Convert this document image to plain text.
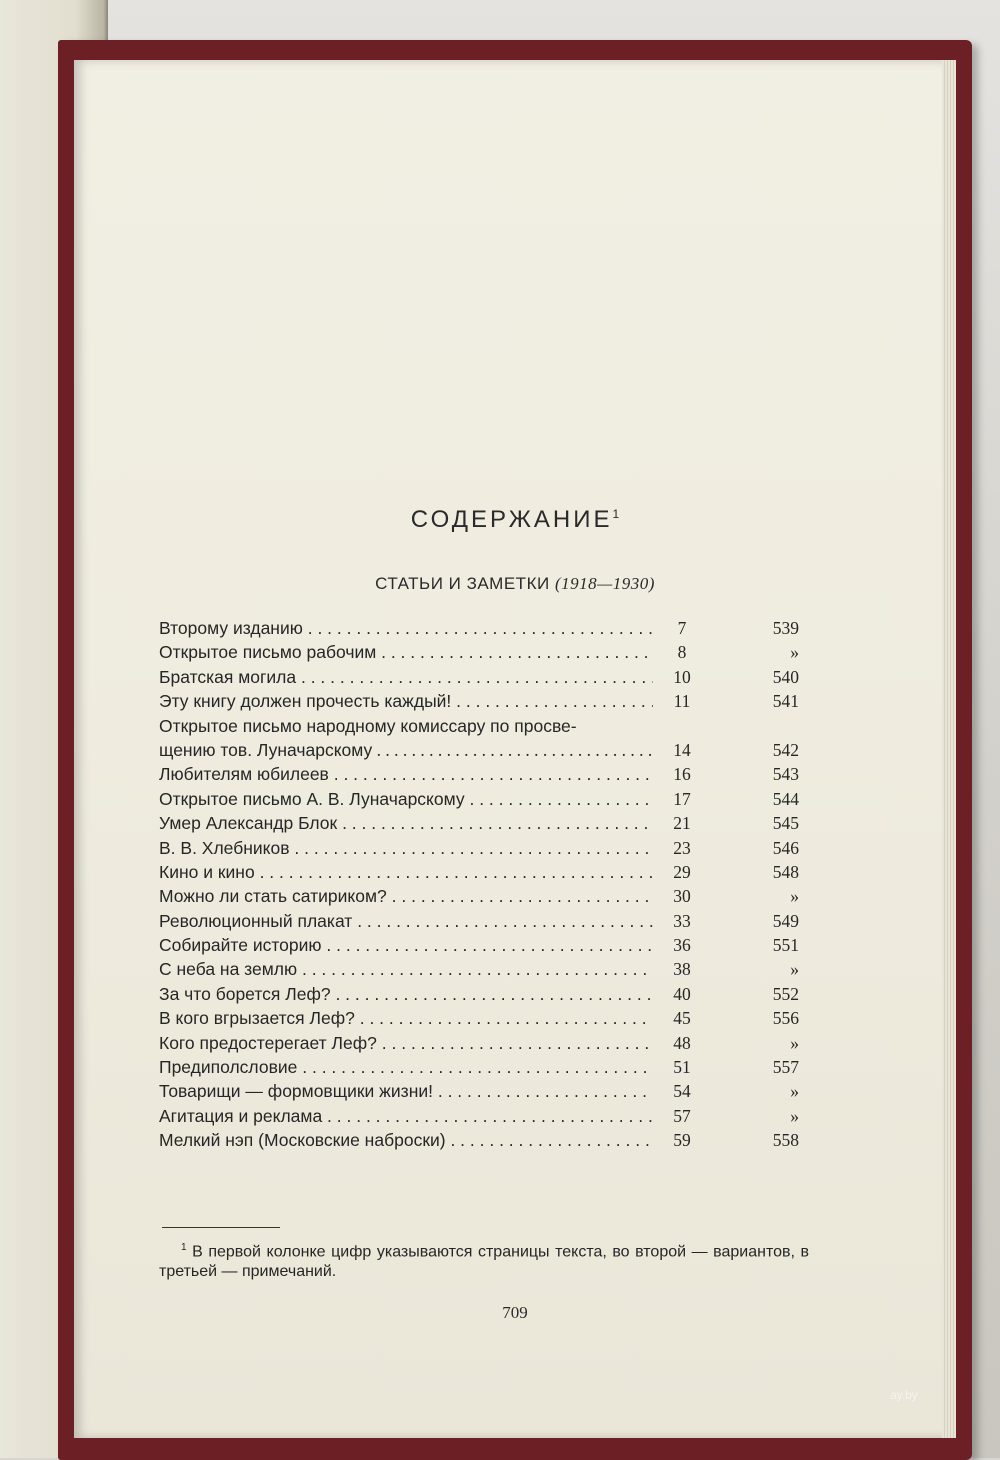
СОДЕРЖАНИЕ$^1$
СТАТЬИ И ЗАМЕТКИ (1918—1930)
Второму изданию . . .	7	539
Открытое письмо рабочим . . .	8	»
Братская могила . . .	10	540
Эту книгу должен прочесть каждый! . . .	11	541
Открытое письмо народному комиссару по просве-
щению тов. Луначарскому . . .	14	542
Любителям юбилеев . . .	16	543
Открытое письмо А. В. Луначарскому . . .	17	544
Умер Александр Блок . . .	21	545
В. В. Хлебников . . .	23	546
Кино и кино . . .	29	548
Можно ли стать сатириком? . . .	30	»
Революционный плакат . . .	33	549
Собирайте историю . . .	36	551
С неба на землю . . .	38	»
За что борется Леф? . . .	40	552
В кого вгрызается Леф? . . .	45	556
Кого предостерегает Леф? . . .	48	»
Предиполсловие . . .	51	557
Товарищи — формовщики жизни! . . .	54	»
Агитация и реклама . . .	57	»
Мелкий нэп (Московские наброски) . . .	59	558
$^1$ В первой колонке цифр указываются страницы текста, во второй — вариантов, в третьей — примечаний.
709
ay.by
